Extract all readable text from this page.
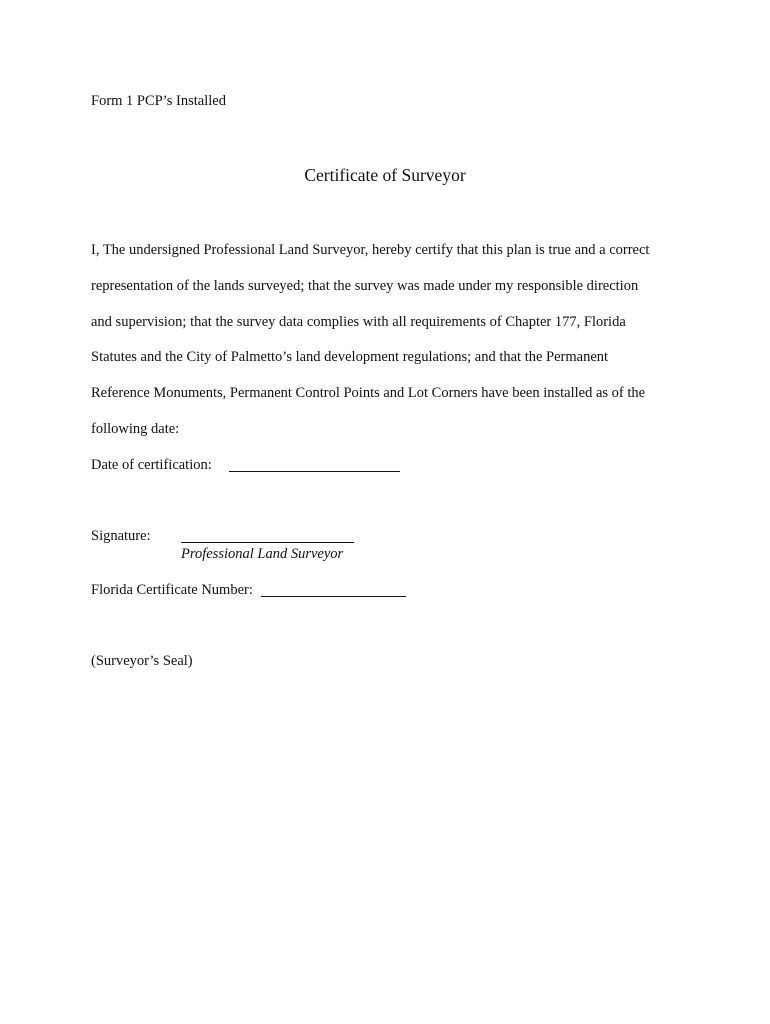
Form 1 PCP’s Installed
Certificate of Surveyor
I, The undersigned Professional Land Surveyor, hereby certify that this plan is true and a correct
representation of the lands surveyed; that the survey was made under my responsible direction
and supervision; that the survey data complies with all requirements of Chapter 177, Florida
Statutes and the City of Palmetto’s land development regulations; and that the Permanent
Reference Monuments, Permanent Control Points and Lot Corners have been installed as of the
following date:
Date of certification:
Signature:
Professional Land Surveyor
Florida Certificate Number:
(Surveyor’s Seal)
